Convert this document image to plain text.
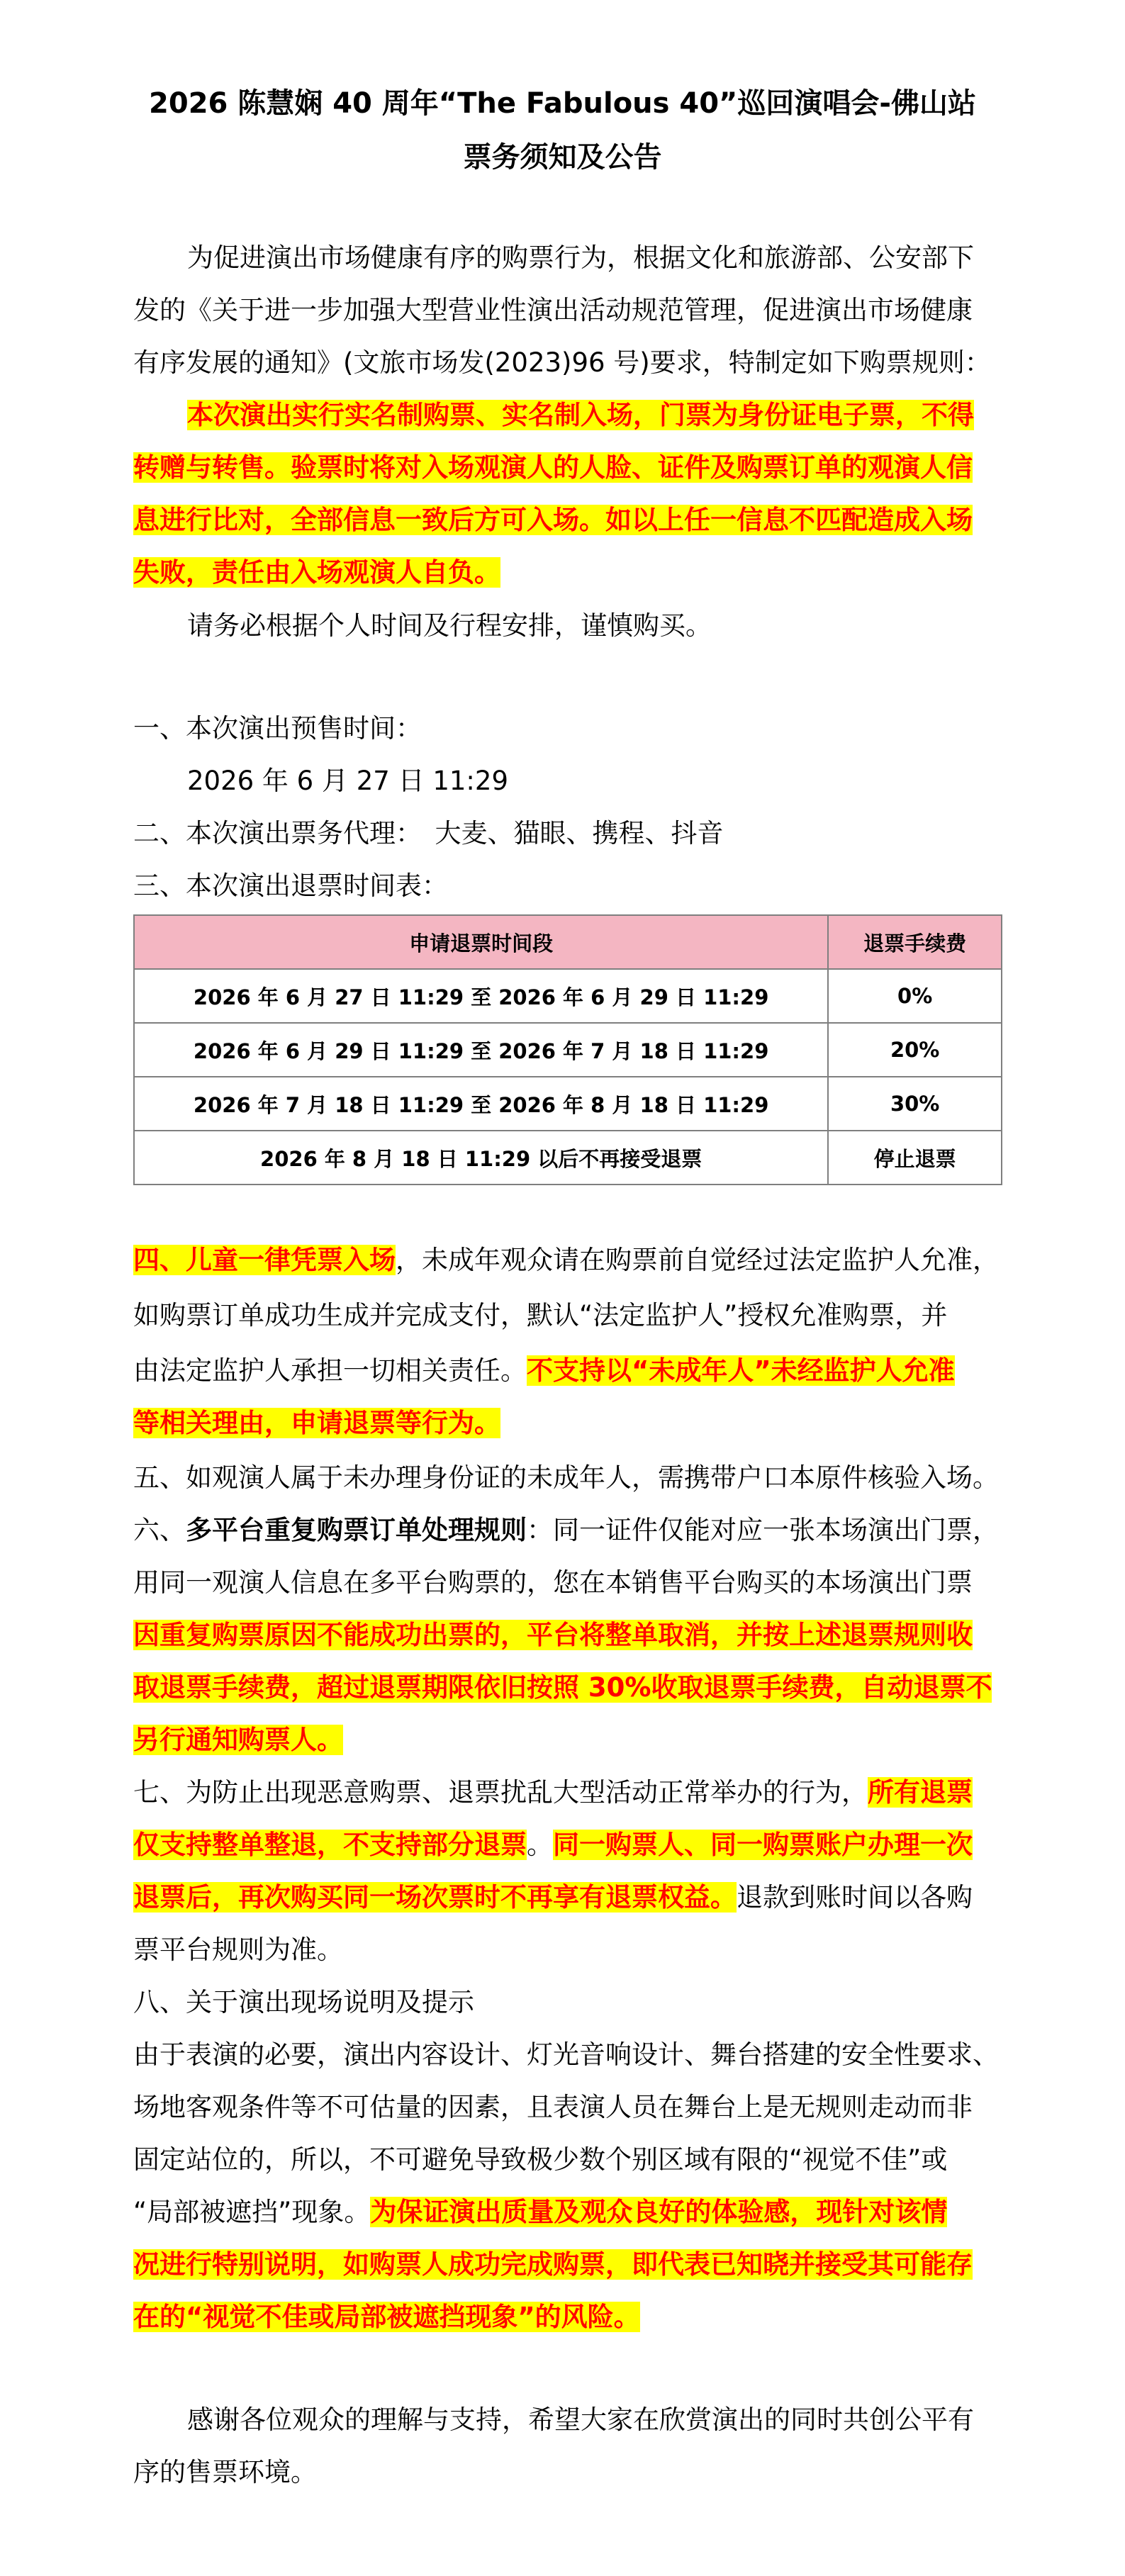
2026 陈慧娴 40 周年“The Fabulous 40”巡回演唱会-佛山站
票务须知及公告
为促进演出市场健康有序的购票行为，根据文化和旅游部、公安部下
发的《关于进一步加强大型营业性演出活动规范管理，促进演出市场健康
有序发展的通知》(文旅市场发(2023)96 号)要求，特制定如下购票规则：
本次演出实行实名制购票、实名制入场，门票为身份证电子票，不得
转赠与转售。验票时将对入场观演人的人脸、证件及购票订单的观演人信
息进行比对，全部信息一致后方可入场。如以上任一信息不匹配造成入场
失败，责任由入场观演人自负。
请务必根据个人时间及行程安排，谨慎购买。
一、本次演出预售时间：
2026 年 6 月 27 日 11:29
二、本次演出票务代理：　大麦、猫眼、携程、抖音
三、本次演出退票时间表：
申请退票时间段	退票手续费
2026 年 6 月 27 日 11:29 至 2026 年 6 月 29 日 11:29	0%
2026 年 6 月 29 日 11:29 至 2026 年 7 月 18 日 11:29	20%
2026 年 7 月 18 日 11:29 至 2026 年 8 月 18 日 11:29	30%
2026 年 8 月 18 日 11:29 以后不再接受退票	停止退票
四、儿童一律凭票入场，未成年观众请在购票前自觉经过法定监护人允准，
如购票订单成功生成并完成支付，默认“法定监护人”授权允准购票，并
由法定监护人承担一切相关责任。不支持以“未成年人”未经监护人允准
等相关理由，申请退票等行为。
五、如观演人属于未办理身份证的未成年人，需携带户口本原件核验入场。
六、多平台重复购票订单处理规则：同一证件仅能对应一张本场演出门票，
用同一观演人信息在多平台购票的，您在本销售平台购买的本场演出门票
因重复购票原因不能成功出票的，平台将整单取消，并按上述退票规则收
取退票手续费，超过退票期限依旧按照 30%收取退票手续费，自动退票不
另行通知购票人。
七、为防止出现恶意购票、退票扰乱大型活动正常举办的行为，所有退票
仅支持整单整退，不支持部分退票。同一购票人、同一购票账户办理一次
退票后，再次购买同一场次票时不再享有退票权益。退款到账时间以各购
票平台规则为准。
八、关于演出现场说明及提示
由于表演的必要，演出内容设计、灯光音响设计、舞台搭建的安全性要求、
场地客观条件等不可估量的因素，且表演人员在舞台上是无规则走动而非
固定站位的，所以，不可避免导致极少数个别区域有限的“视觉不佳”或
“局部被遮挡”现象。为保证演出质量及观众良好的体验感，现针对该情
况进行特别说明，如购票人成功完成购票，即代表已知晓并接受其可能存
在的“视觉不佳或局部被遮挡现象”的风险。
感谢各位观众的理解与支持，希望大家在欣赏演出的同时共创公平有
序的售票环境。
